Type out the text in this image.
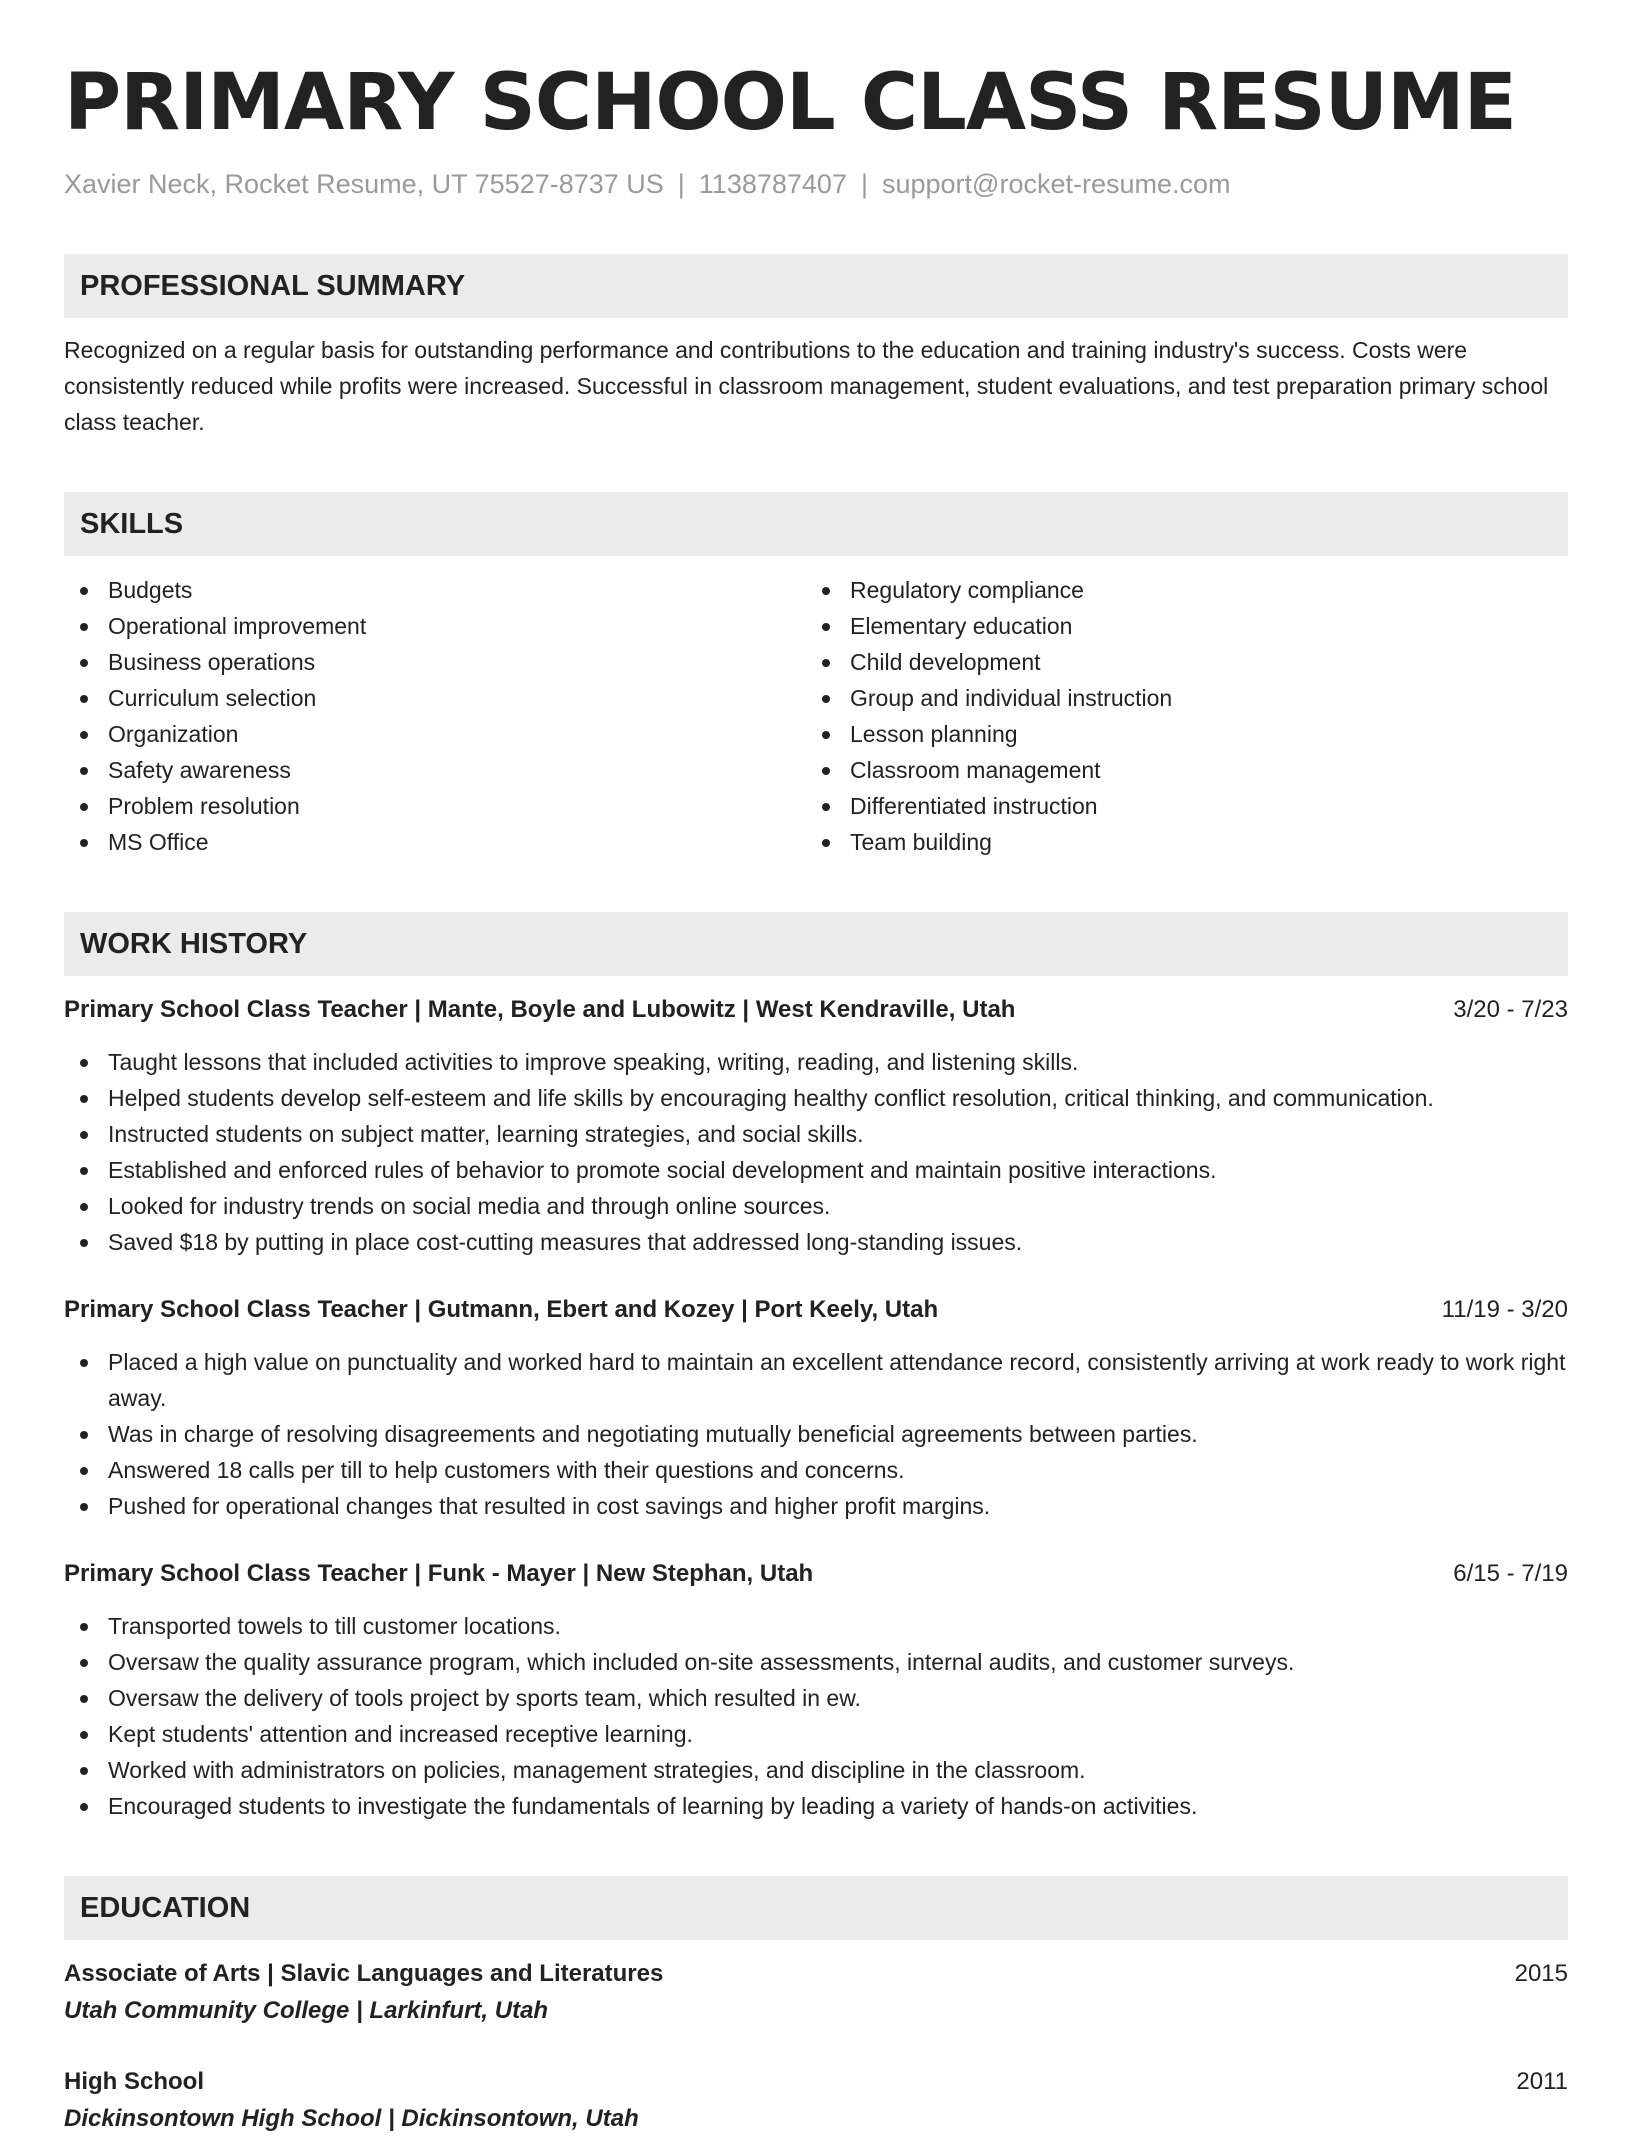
PRIMARY SCHOOL CLASS RESUME
Xavier Neck, Rocket Resume, UT 75527-8737 US | 1138787407 | support@rocket-resume.com
PROFESSIONAL SUMMARY
Recognized on a regular basis for outstanding performance and contributions to the education and training industry's success. Costs were consistently reduced while profits were increased. Successful in classroom management, student evaluations, and test preparation primary school class teacher.
SKILLS
Budgets
Operational improvement
Business operations
Curriculum selection
Organization
Safety awareness
Problem resolution
MS Office
Regulatory compliance
Elementary education
Child development
Group and individual instruction
Lesson planning
Classroom management
Differentiated instruction
Team building
WORK HISTORY
Primary School Class Teacher | Mante, Boyle and Lubowitz | West Kendraville, Utah	3/20 - 7/23
Taught lessons that included activities to improve speaking, writing, reading, and listening skills.
Helped students develop self-esteem and life skills by encouraging healthy conflict resolution, critical thinking, and communication.
Instructed students on subject matter, learning strategies, and social skills.
Established and enforced rules of behavior to promote social development and maintain positive interactions.
Looked for industry trends on social media and through online sources.
Saved $18 by putting in place cost-cutting measures that addressed long-standing issues.
Primary School Class Teacher | Gutmann, Ebert and Kozey | Port Keely, Utah	11/19 - 3/20
Placed a high value on punctuality and worked hard to maintain an excellent attendance record, consistently arriving at work ready to work right away.
Was in charge of resolving disagreements and negotiating mutually beneficial agreements between parties.
Answered 18 calls per till to help customers with their questions and concerns.
Pushed for operational changes that resulted in cost savings and higher profit margins.
Primary School Class Teacher | Funk - Mayer | New Stephan, Utah	6/15 - 7/19
Transported towels to till customer locations.
Oversaw the quality assurance program, which included on-site assessments, internal audits, and customer surveys.
Oversaw the delivery of tools project by sports team, which resulted in ew.
Kept students' attention and increased receptive learning.
Worked with administrators on policies, management strategies, and discipline in the classroom.
Encouraged students to investigate the fundamentals of learning by leading a variety of hands-on activities.
EDUCATION
Associate of Arts | Slavic Languages and Literatures	2015
Utah Community College | Larkinfurt, Utah
High School	2011
Dickinsontown High School | Dickinsontown, Utah
